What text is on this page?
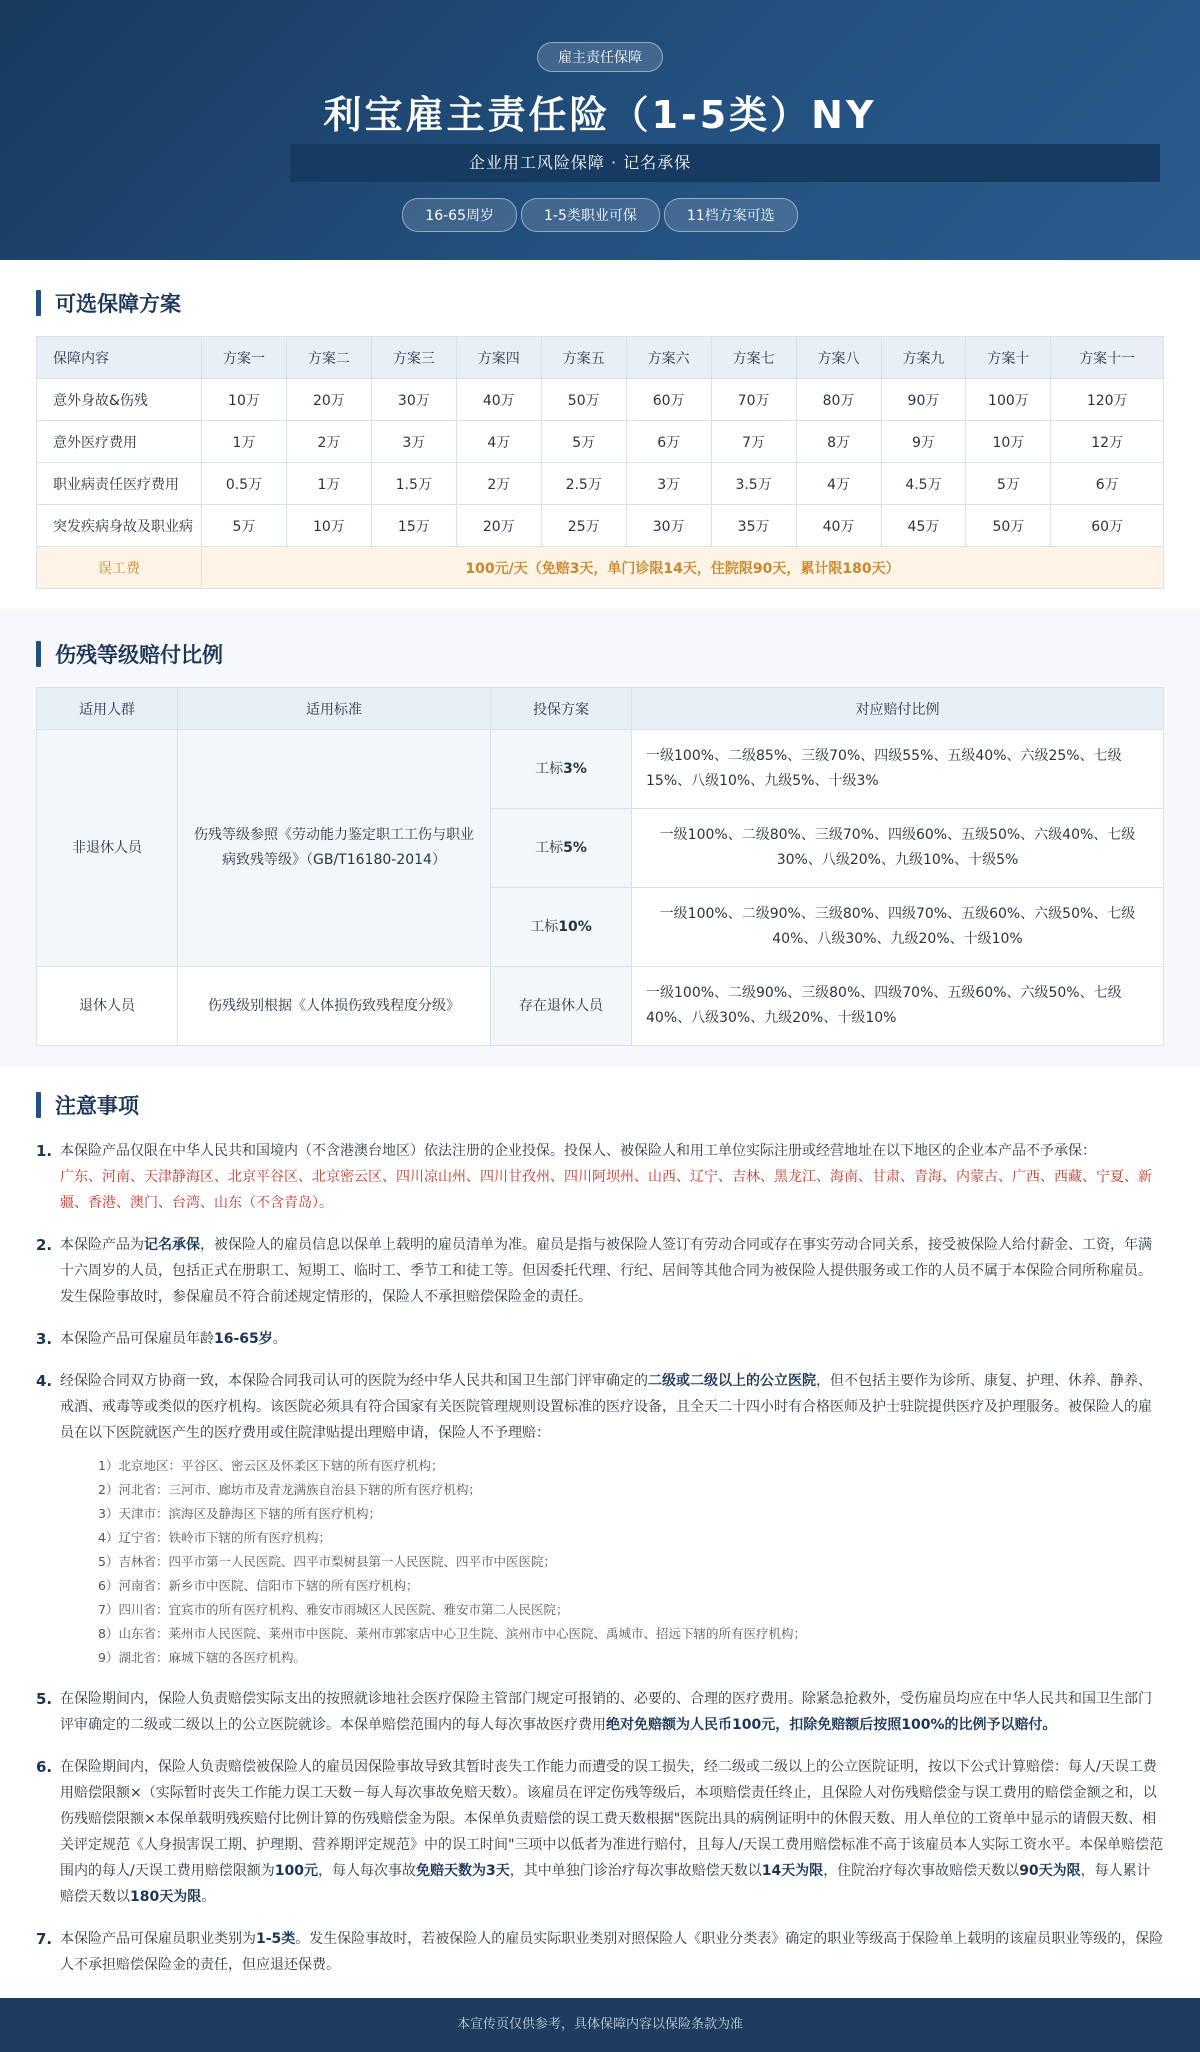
雇主责任保障
利宝雇主责任险（1-5类）NY
企业用工风险保障 · 记名承保
16-65周岁	1-5类职业可保	11档方案可选
可选保障方案
保障内容	方案一	方案二	方案三	方案四	方案五	方案六	方案七	方案八	方案九	方案十	方案十一
意外身故&伤残	10万	20万	30万	40万	50万	60万	70万	80万	90万	100万	120万
意外医疗费用	1万	2万	3万	4万	5万	6万	7万	8万	9万	10万	12万
职业病责任医疗费用	0.5万	1万	1.5万	2万	2.5万	3万	3.5万	4万	4.5万	5万	6万
突发疾病身故及职业病	5万	10万	15万	20万	25万	30万	35万	40万	45万	50万	60万
误工费	100元/天（免赔3天，单门诊限14天，住院限90天，累计限180天）										
伤残等级赔付比例
适用人群	适用标准	投保方案	对应赔付比例
非退休人员	伤残等级参照《劳动能力鉴定职工工伤与职业病致残等级》（GB/T16180-2014）	工标3%	一级100%、二级85%、三级70%、四级55%、五级40%、六级25%、七级15%、八级10%、九级5%、十级3%
		工标5%	一级100%、二级80%、三级70%、四级60%、五级50%、六级40%、七级30%、八级20%、九级10%、十级5%
		工标10%	一级100%、二级90%、三级80%、四级70%、五级60%、六级50%、七级40%、八级30%、九级20%、十级10%
退休人员	伤残级别根据《人体损伤致残程度分级》	存在退休人员	一级100%、二级90%、三级80%、四级70%、五级60%、六级50%、七级40%、八级30%、九级20%、十级10%
注意事项
1. 本保险产品仅限在中华人民共和国境内（不含港澳台地区）依法注册的企业投保。投保人、被保险人和用工单位实际注册或经营地址在以下地区的企业本产品不予承保：
广东、河南、天津静海区、北京平谷区、北京密云区、四川凉山州、四川甘孜州、四川阿坝州、山西、辽宁、吉林、黑龙江、海南、甘肃、青海、内蒙古、广西、西藏、宁夏、新疆、香港、澳门、台湾、山东（不含青岛）。
2. 本保险产品为记名承保，被保险人的雇员信息以保单上载明的雇员清单为准。雇员是指与被保险人签订有劳动合同或存在事实劳动合同关系，接受被保险人给付薪金、工资，年满十六周岁的人员，包括正式在册职工、短期工、临时工、季节工和徒工等。但因委托代理、行纪、居间等其他合同为被保险人提供服务或工作的人员不属于本保险合同所称雇员。发生保险事故时，参保雇员不符合前述规定情形的，保险人不承担赔偿保险金的责任。
3. 本保险产品可保雇员年龄16-65岁。
4. 经保险合同双方协商一致，本保险合同我司认可的医院为经中华人民共和国卫生部门评审确定的二级或二级以上的公立医院，但不包括主要作为诊所、康复、护理、休养、静养、戒酒、戒毒等或类似的医疗机构。该医院必须具有符合国家有关医院管理规则设置标准的医疗设备，且全天二十四小时有合格医师及护士驻院提供医疗及护理服务。被保险人的雇员在以下医院就医产生的医疗费用或住院津贴提出理赔申请，保险人不予理赔：
1）北京地区：平谷区、密云区及怀柔区下辖的所有医疗机构；
2）河北省：三河市、廊坊市及青龙满族自治县下辖的所有医疗机构；
3）天津市：滨海区及静海区下辖的所有医疗机构；
4）辽宁省：铁岭市下辖的所有医疗机构；
5）吉林省：四平市第一人民医院、四平市梨树县第一人民医院、四平市中医医院；
6）河南省：新乡市中医院、信阳市下辖的所有医疗机构；
7）四川省：宜宾市的所有医疗机构、雅安市雨城区人民医院、雅安市第二人民医院；
8）山东省：莱州市人民医院、莱州市中医院、莱州市郭家店中心卫生院、滨州市中心医院、禹城市、招远下辖的所有医疗机构；
9）湖北省：麻城下辖的各医疗机构。
5. 在保险期间内，保险人负责赔偿实际支出的按照就诊地社会医疗保险主管部门规定可报销的、必要的、合理的医疗费用。除紧急抢救外，受伤雇员均应在中华人民共和国卫生部门评审确定的二级或二级以上的公立医院就诊。本保单赔偿范围内的每人每次事故医疗费用绝对免赔额为人民币100元，扣除免赔额后按照100%的比例予以赔付。
6. 在保险期间内，保险人负责赔偿被保险人的雇员因保险事故导致其暂时丧失工作能力而遭受的误工损失，经二级或二级以上的公立医院证明，按以下公式计算赔偿：每人/天误工费用赔偿限额×（实际暂时丧失工作能力误工天数－每人每次事故免赔天数）。该雇员在评定伤残等级后，本项赔偿责任终止，且保险人对伤残赔偿金与误工费用的赔偿金额之和，以伤残赔偿限额×本保单载明残疾赔付比例计算的伤残赔偿金为限。本保单负责赔偿的误工费天数根据"医院出具的病例证明中的休假天数、用人单位的工资单中显示的请假天数、相关评定规范《人身损害误工期、护理期、营养期评定规范》中的误工时间"三项中以低者为准进行赔付，且每人/天误工费用赔偿标准不高于该雇员本人实际工资水平。本保单赔偿范围内的每人/天误工费用赔偿限额为100元，每人每次事故免赔天数为3天，其中单独门诊治疗每次事故赔偿天数以14天为限，住院治疗每次事故赔偿天数以90天为限，每人累计赔偿天数以180天为限。
7. 本保险产品可保雇员职业类别为1-5类。发生保险事故时，若被保险人的雇员实际职业类别对照保险人《职业分类表》确定的职业等级高于保险单上载明的该雇员职业等级的，保险人不承担赔偿保险金的责任，但应退还保费。
本宣传页仅供参考，具体保障内容以保险条款为准
